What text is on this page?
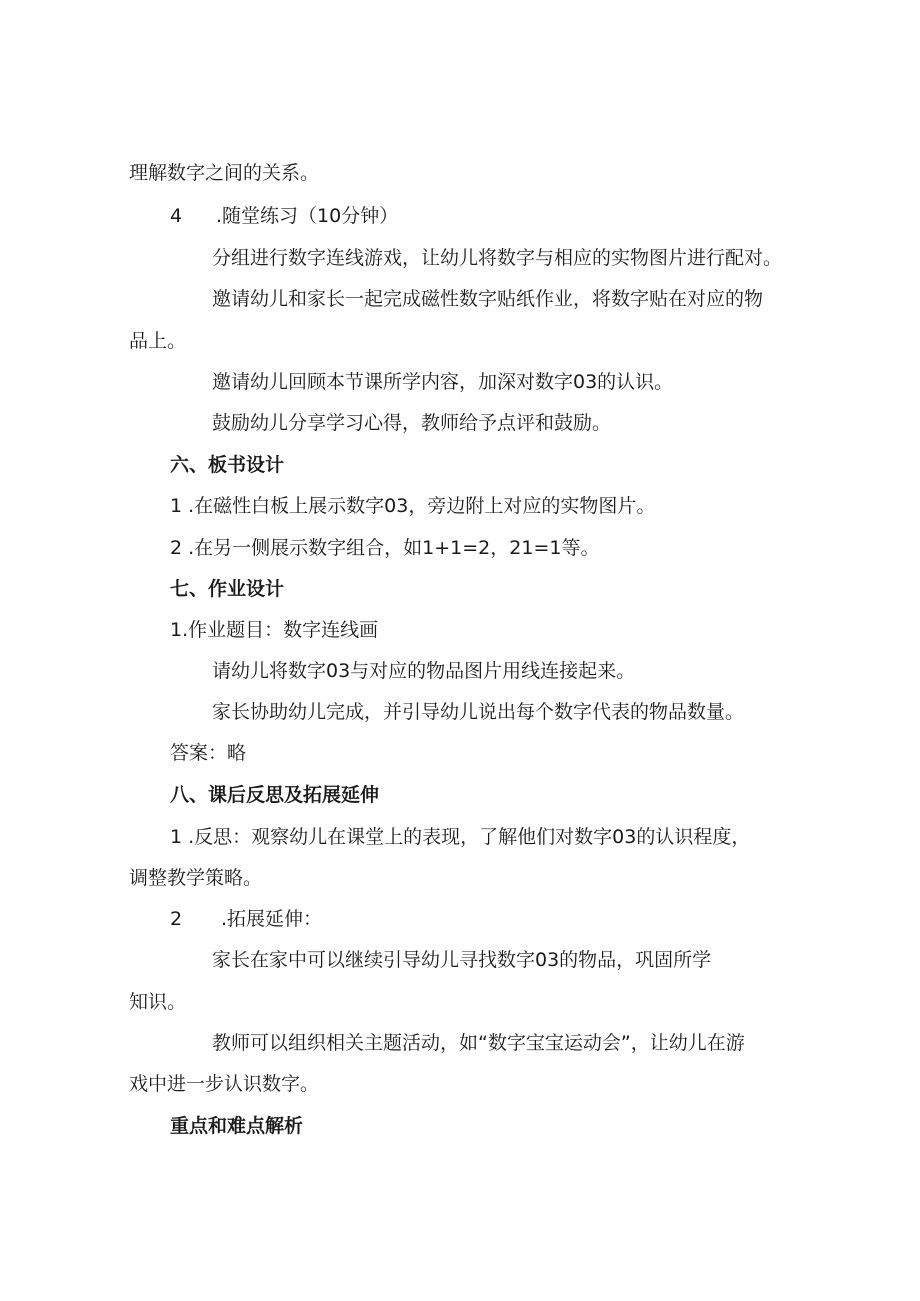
理解数字之间的关系。
4 .随堂练习（10分钟）
分组进行数字连线游戏，让幼儿将数字与相应的实物图片进行配对。
邀请幼儿和家长一起完成磁性数字贴纸作业，将数字贴在对应的物
品上。
邀请幼儿回顾本节课所学内容，加深对数字03的认识。
鼓励幼儿分享学习心得，教师给予点评和鼓励。
六、板书设计
1 .在磁性白板上展示数字03，旁边附上对应的实物图片。
2 .在另一侧展示数字组合，如1+1=2，21=1等。
七、作业设计
1.作业题目：数字连线画
请幼儿将数字03与对应的物品图片用线连接起来。
家长协助幼儿完成，并引导幼儿说出每个数字代表的物品数量。
答案：略
八、课后反思及拓展延伸
1 .反思：观察幼儿在课堂上的表现，了解他们对数字03的认识程度，
调整教学策略。
2 .拓展延伸：
家长在家中可以继续引导幼儿寻找数字03的物品，巩固所学
知识。
教师可以组织相关主题活动，如“数字宝宝运动会”，让幼儿在游
戏中进一步认识数字。
重点和难点解析
